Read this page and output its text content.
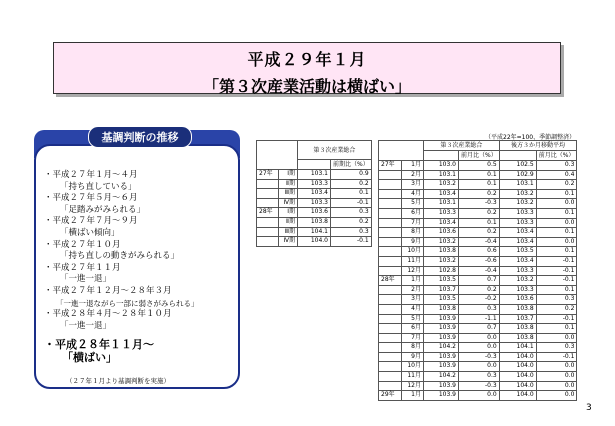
平成２９年１月
「第３次産業活動は横ばい」
基調判断の推移
・平成２７年１月～４月
「持ち直している」
・平成２７年５月～６月
「足踏みがみられる」
・平成２７年７月～９月
「横ばい傾向」
・平成２７年１０月
「持ち直しの動きがみられる」
・平成２７年１１月
「一進一退」
・平成２７年１２月～２８年３月
「一進一退ながら一部に弱さがみられる」
・平成２８年４月～２８年１０月
「一進一退」
・平成２８年１１月～
「横ばい」
（２７年１月より基調判断を実施）
（平成22年=100、季節調整済）
		第３次産業総合	
			前期比（%）
27年	Ⅰ期	103.1	0.9
	Ⅱ期	103.3	0.2
	Ⅲ期	103.4	0.1
	Ⅳ期	103.3	-0.1
28年	Ⅰ期	103.6	0.3
	Ⅱ期	103.8	0.2
	Ⅲ期	104.1	0.3
	Ⅳ期	104.0	-0.1
		第３次産業総合		後方３か月移動平均	
			前月比（%）		前月比（%）
27年	1月	103.0	0.5	102.5	0.3
	2月	103.1	0.1	102.9	0.4
	3月	103.2	0.1	103.1	0.2
	4月	103.4	0.2	103.2	0.1
	5月	103.1	-0.3	103.2	0.0
	6月	103.3	0.2	103.3	0.1
	7月	103.4	0.1	103.3	0.0
	8月	103.6	0.2	103.4	0.1
	9月	103.2	-0.4	103.4	0.0
	10月	103.8	0.6	103.5	0.1
	11月	103.2	-0.6	103.4	-0.1
	12月	102.8	-0.4	103.3	-0.1
28年	1月	103.5	0.7	103.2	-0.1
	2月	103.7	0.2	103.3	0.1
	3月	103.5	-0.2	103.6	0.3
	4月	103.8	0.3	103.8	0.2
	5月	103.9	-1.1	103.7	-0.1
	6月	103.9	0.7	103.8	0.1
	7月	103.9	0.0	103.8	0.0
	8月	104.2	0.0	104.1	0.3
	9月	103.9	-0.3	104.0	-0.1
	10月	103.9	0.0	104.0	0.0
	11月	104.2	0.3	104.0	0.0
	12月	103.9	-0.3	104.0	0.0
29年	1月	103.9	0.0	104.0	0.0
3
